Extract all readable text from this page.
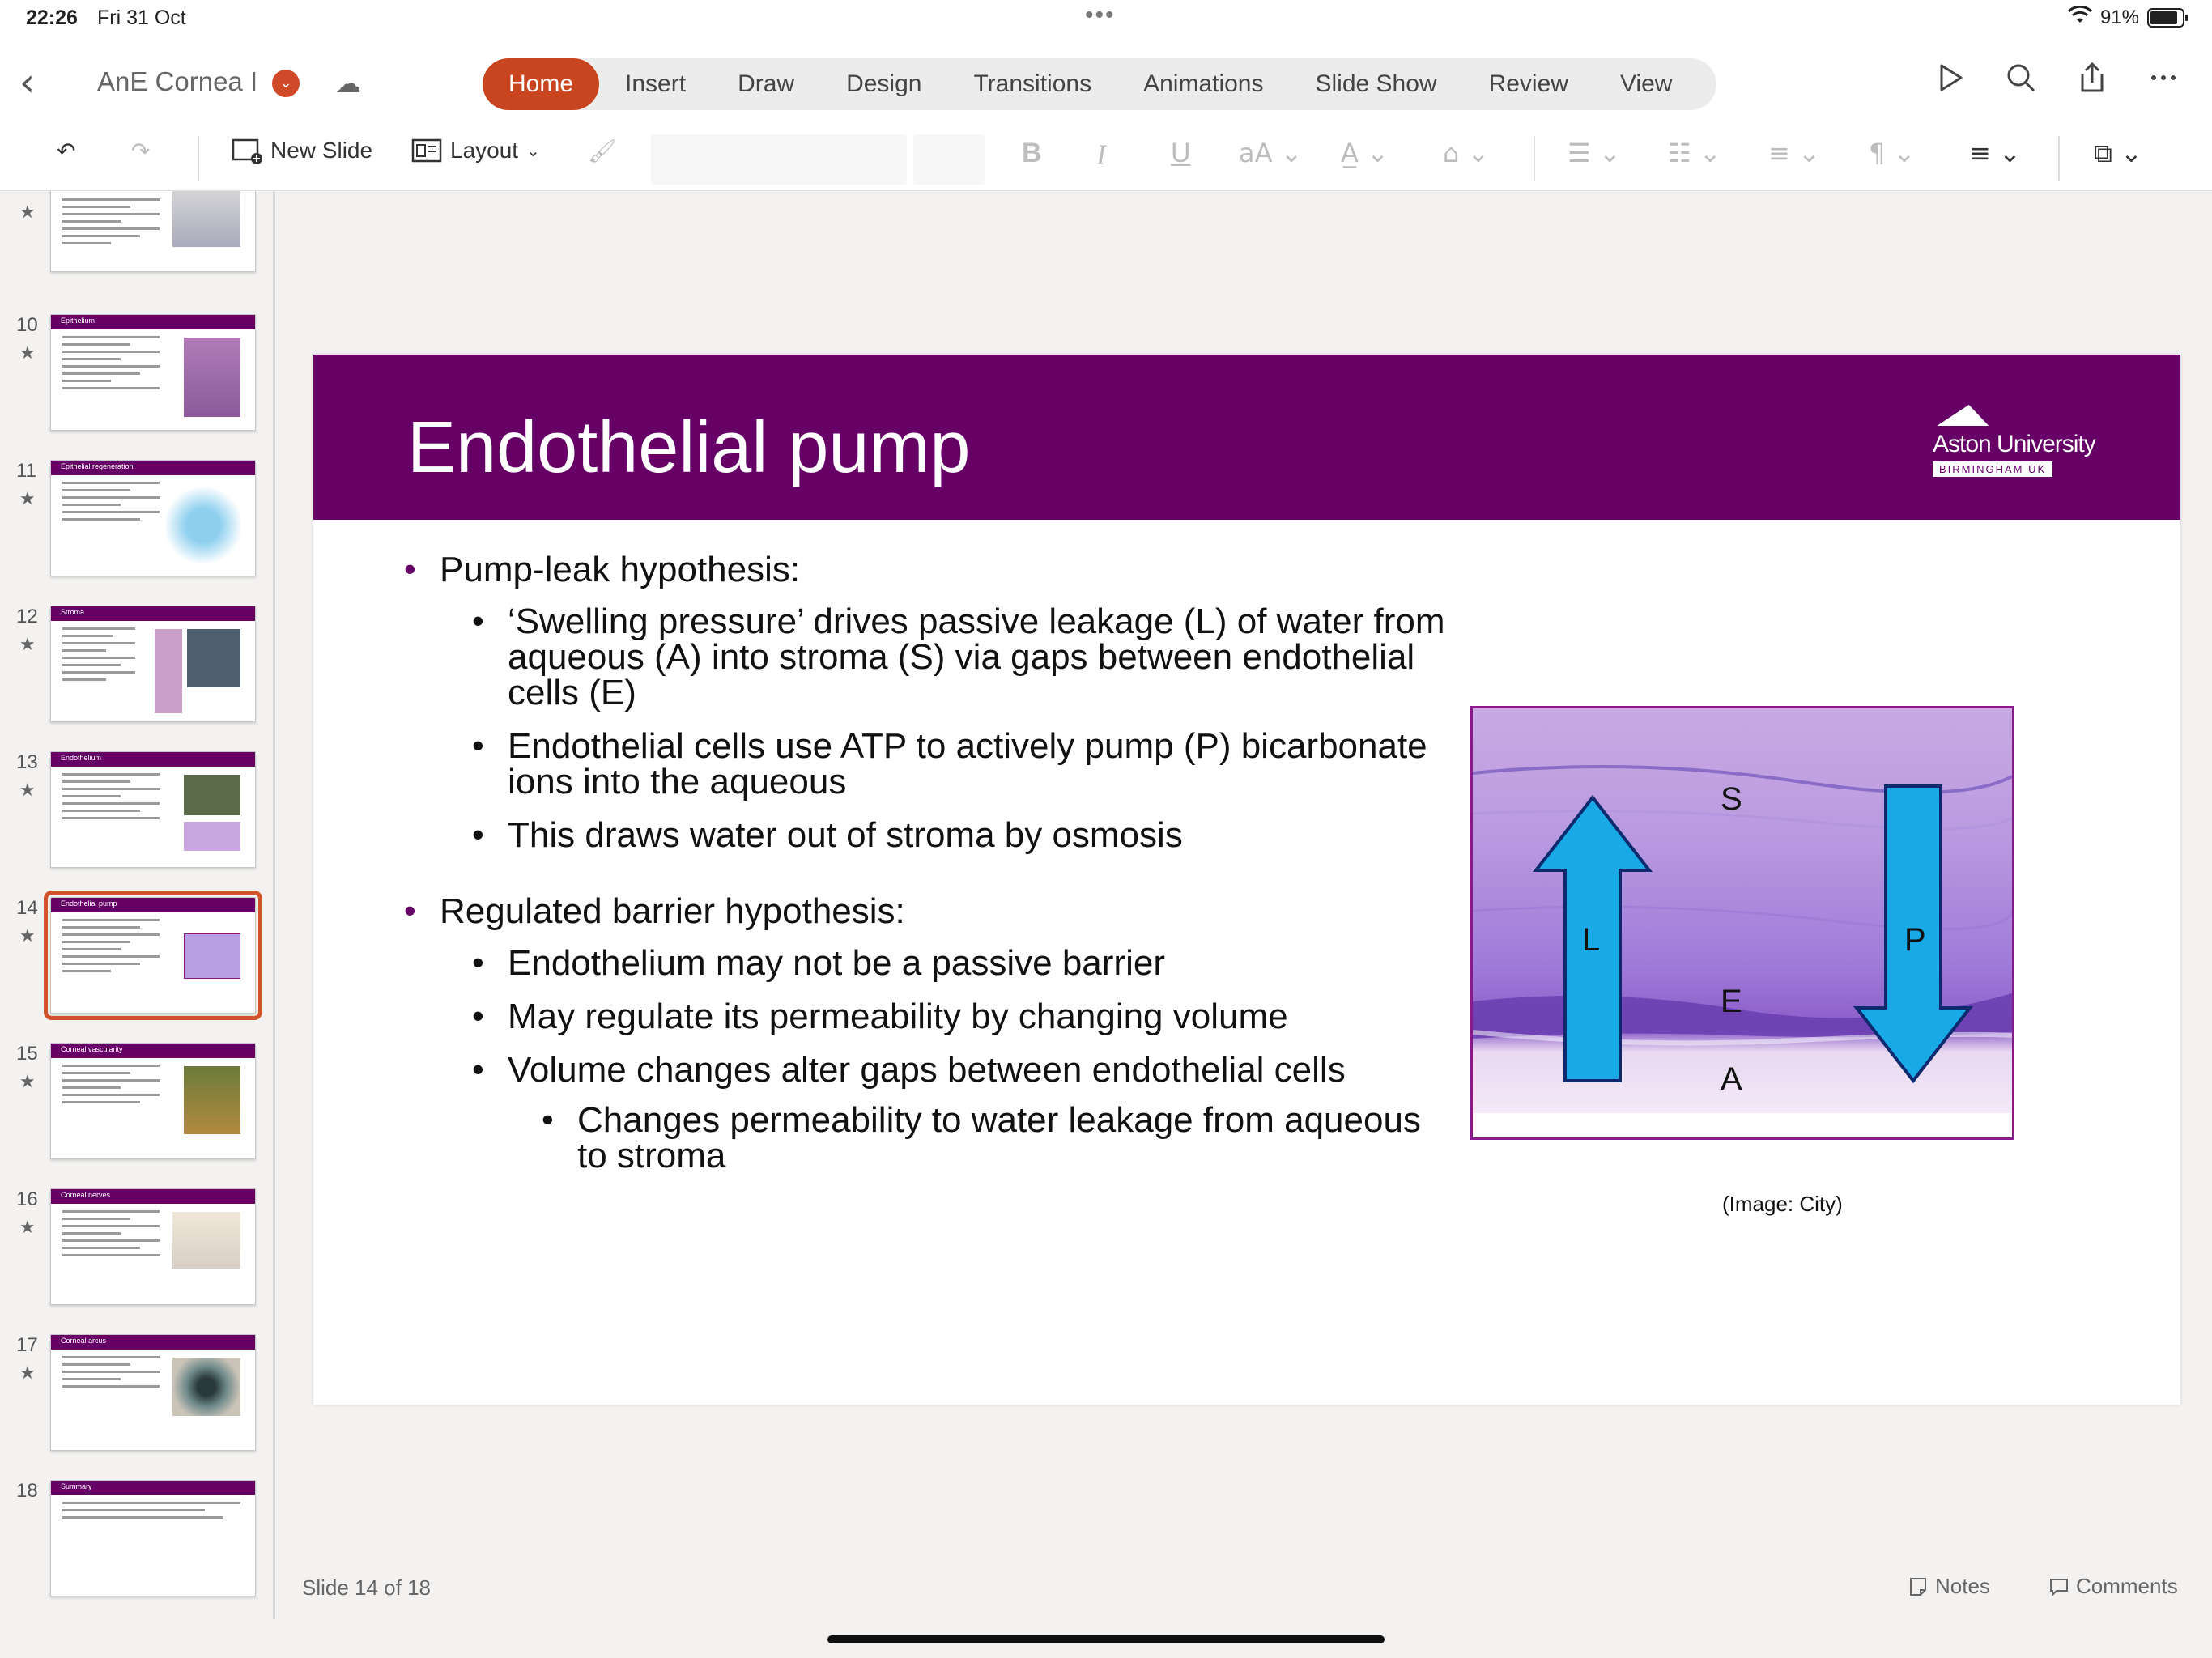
22:26 Fri 31 Oct	•••	91%
‹ AnE Cornea I	⌄ ☁	Home	Insert	Draw	Design	Transitions	Animations	Slide Show	Review	View
↶ ↷	New Slide	Layout ⌄ 🖌	B I U aA ⌄ A̲ ⌄ ⌂ ⌄	☰ ⌄ ☷ ⌄ ≡ ⌄ ¶ ⌄ ≡ ⌄	⧉ ⌄
★
10
★
Epithelium
11
★
Epithelial regeneration
12
★
Stroma
13
★
Endothelium
14
★
Endothelial pump
15
★
Corneal vascularity
16
★
Corneal nerves
17
★
Corneal arcus
18	Summary
Endothelial pump	Aston University
BIRMINGHAM UK
• Pump-leak hypothesis:
• ‘Swelling pressure’ drives passive leakage (L) of water from aqueous (A) into stroma (S) via gaps between endothelial cells (E)
• Endothelial cells use ATP to actively pump (P) bicarbonate ions into the aqueous
• This draws water out of stroma by osmosis
• Regulated barrier hypothesis:
• Endothelium may not be a passive barrier
• May regulate its permeability by changing volume
• Volume changes alter gaps between endothelial cells
• Changes permeability to water leakage from aqueous to stroma
S
L	P
E
A
(Image: City)
Slide 14 of 18	Notes	Comments
